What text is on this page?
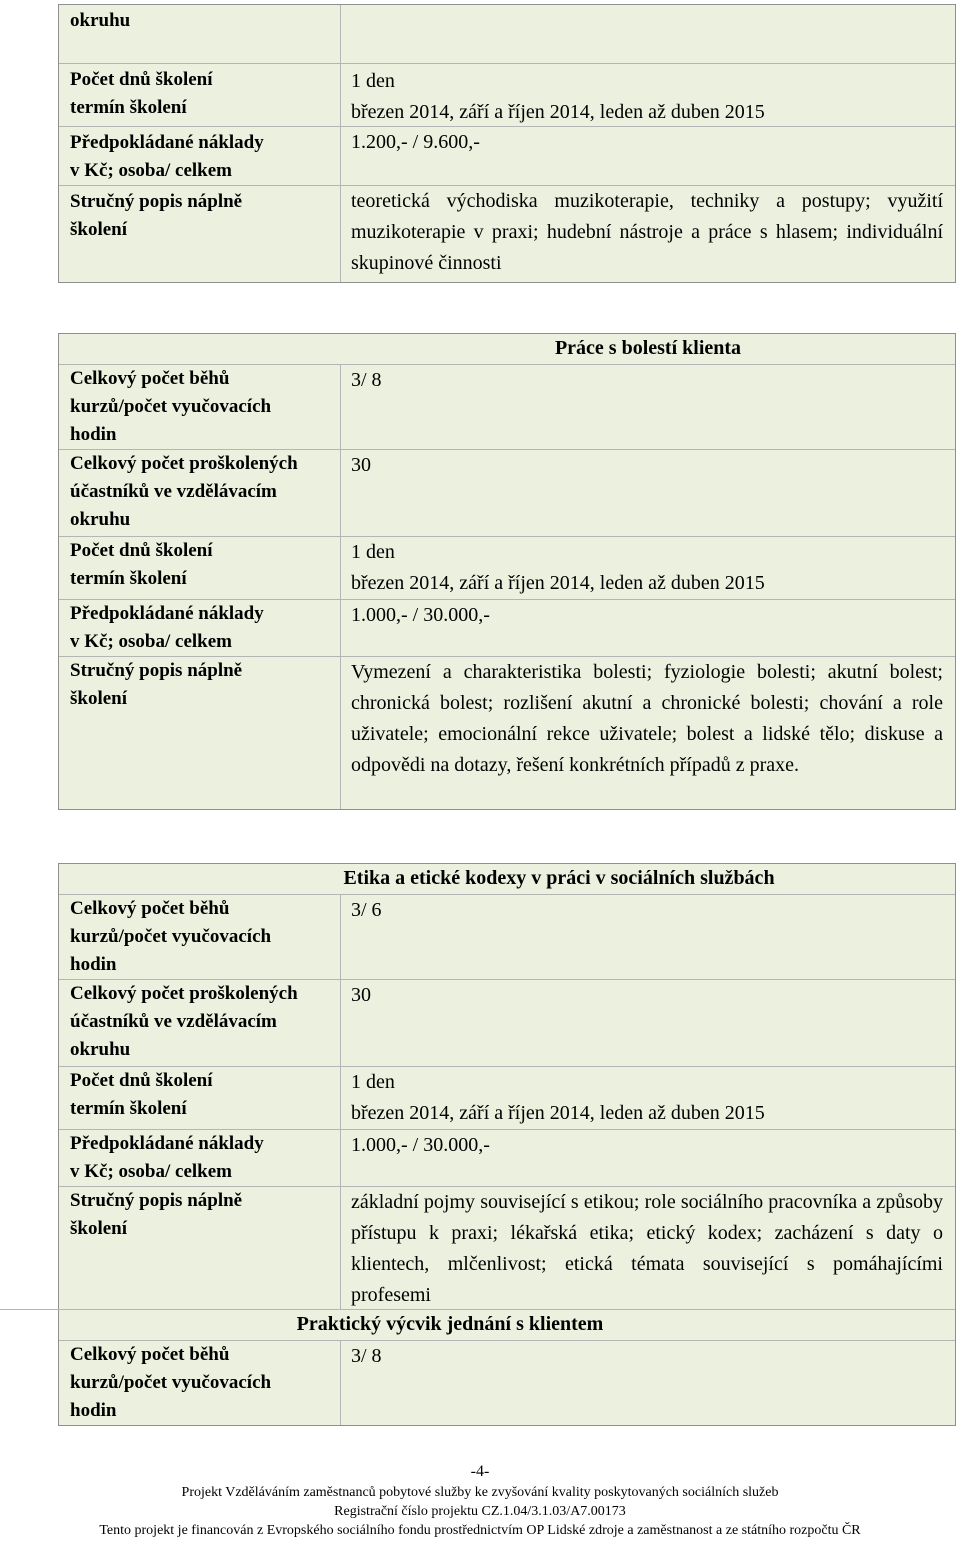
okruhu
Počet dnů školení
termín školení
1 den
březen 2014, září a říjen 2014, leden až duben 2015
Předpokládané náklady
v Kč; osoba/ celkem
1.200,- / 9.600,-
Stručný popis náplně
školení
teoretická východiska muzikoterapie, techniky a postupy; využití muzikoterapie v praxi; hudební nástroje a práce s hlasem; individuální skupinové činnosti
Práce s bolestí klienta
Celkový počet běhů
kurzů/počet vyučovacích
hodin
3/ 8
Celkový počet proškolených
účastníků ve vzdělávacím
okruhu
30
Počet dnů školení
termín školení
1 den
březen 2014, září a říjen 2014, leden až duben 2015
Předpokládané náklady
v Kč; osoba/ celkem
1.000,- / 30.000,-
Stručný popis náplně
školení
Vymezení a charakteristika bolesti; fyziologie bolesti; akutní bolest; chronická bolest; rozlišení akutní a chronické bolesti; chování a role uživatele; emocionální rekce uživatele; bolest a lidské tělo; diskuse a odpovědi na dotazy, řešení konkrétních případů z praxe.
Etika a etické kodexy v práci v sociálních službách
Celkový počet běhů
kurzů/počet vyučovacích
hodin
3/ 6
Celkový počet proškolených
účastníků ve vzdělávacím
okruhu
30
Počet dnů školení
termín školení
1 den
březen 2014, září a říjen 2014, leden až duben 2015
Předpokládané náklady
v Kč; osoba/ celkem
1.000,- / 30.000,-
Stručný popis náplně
školení
základní pojmy související s etikou; role sociálního pracovníka a způsoby přístupu k praxi; lékařská etika; etický kodex; zacházení s daty o klientech, mlčenlivost; etická témata související s pomáhajícími profesemi
Praktický výcvik jednání s klientem
Celkový počet běhů
kurzů/počet vyučovacích
hodin
3/ 8
-4-
Projekt Vzděláváním zaměstnanců pobytové služby ke zvyšování kvality poskytovaných sociálních služeb
Registrační číslo projektu CZ.1.04/3.1.03/A7.00173
Tento projekt je financován z Evropského sociálního fondu prostřednictvím OP Lidské zdroje a zaměstnanost a ze státního rozpočtu ČR
